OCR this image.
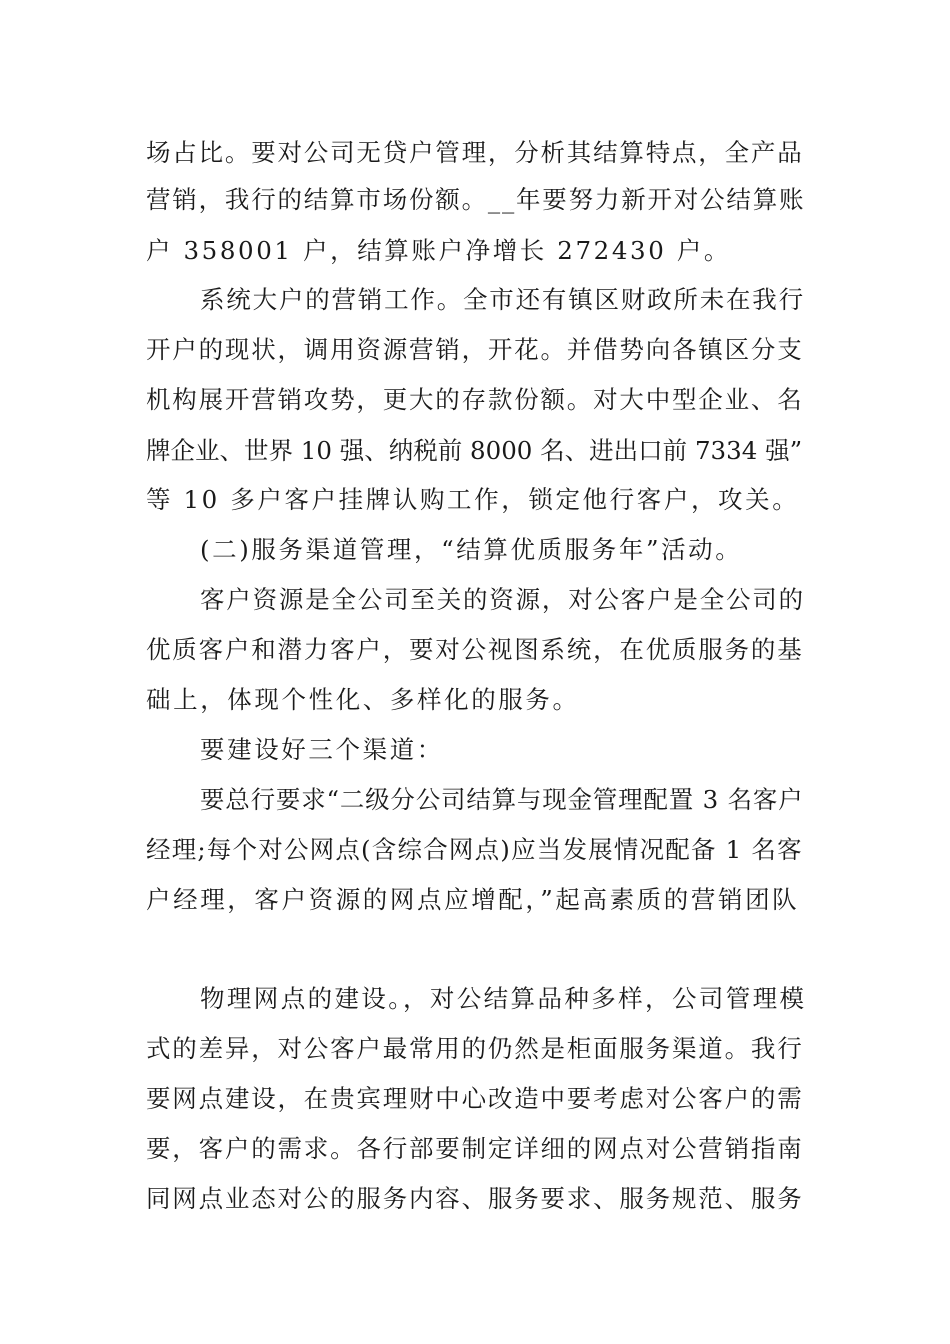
场占比。要对公司无贷户管理，分析其结算特点，全产品
营销，我行的结算市场份额。__年要努力新开对公结算账
户 358001 户，结算账户净增长 272430 户。
系统大户的营销工作。全市还有镇区财政所未在我行
开户的现状，调用资源营销，开花。并借势向各镇区分支
机构展开营销攻势，更大的存款份额。对大中型企业、名
牌企业、世界 10 强、纳税前 8000 名、进出口前 7334 强”
等 10 多户客户挂牌认购工作，锁定他行客户，攻关。
(二)服务渠道管理，“结算优质服务年”活动。
客户资源是全公司至关的资源，对公客户是全公司的
优质客户和潜力客户，要对公视图系统，在优质服务的基
础上，体现个性化、多样化的服务。
要建设好三个渠道：
要总行要求“二级分公司结算与现金管理配置 3 名客户
经理;每个对公网点(含综合网点)应当发展情况配备 1 名客
户经理，客户资源的网点应增配，”起高素质的营销团队
物理网点的建设。，对公结算品种多样，公司管理模
式的差异，对公客户最常用的仍然是柜面服务渠道。我行
要网点建设，在贵宾理财中心改造中要考虑对公客户的需
要，客户的需求。各行部要制定详细的网点对公营销指南
同网点业态对公的服务内容、服务要求、服务规范、服务
